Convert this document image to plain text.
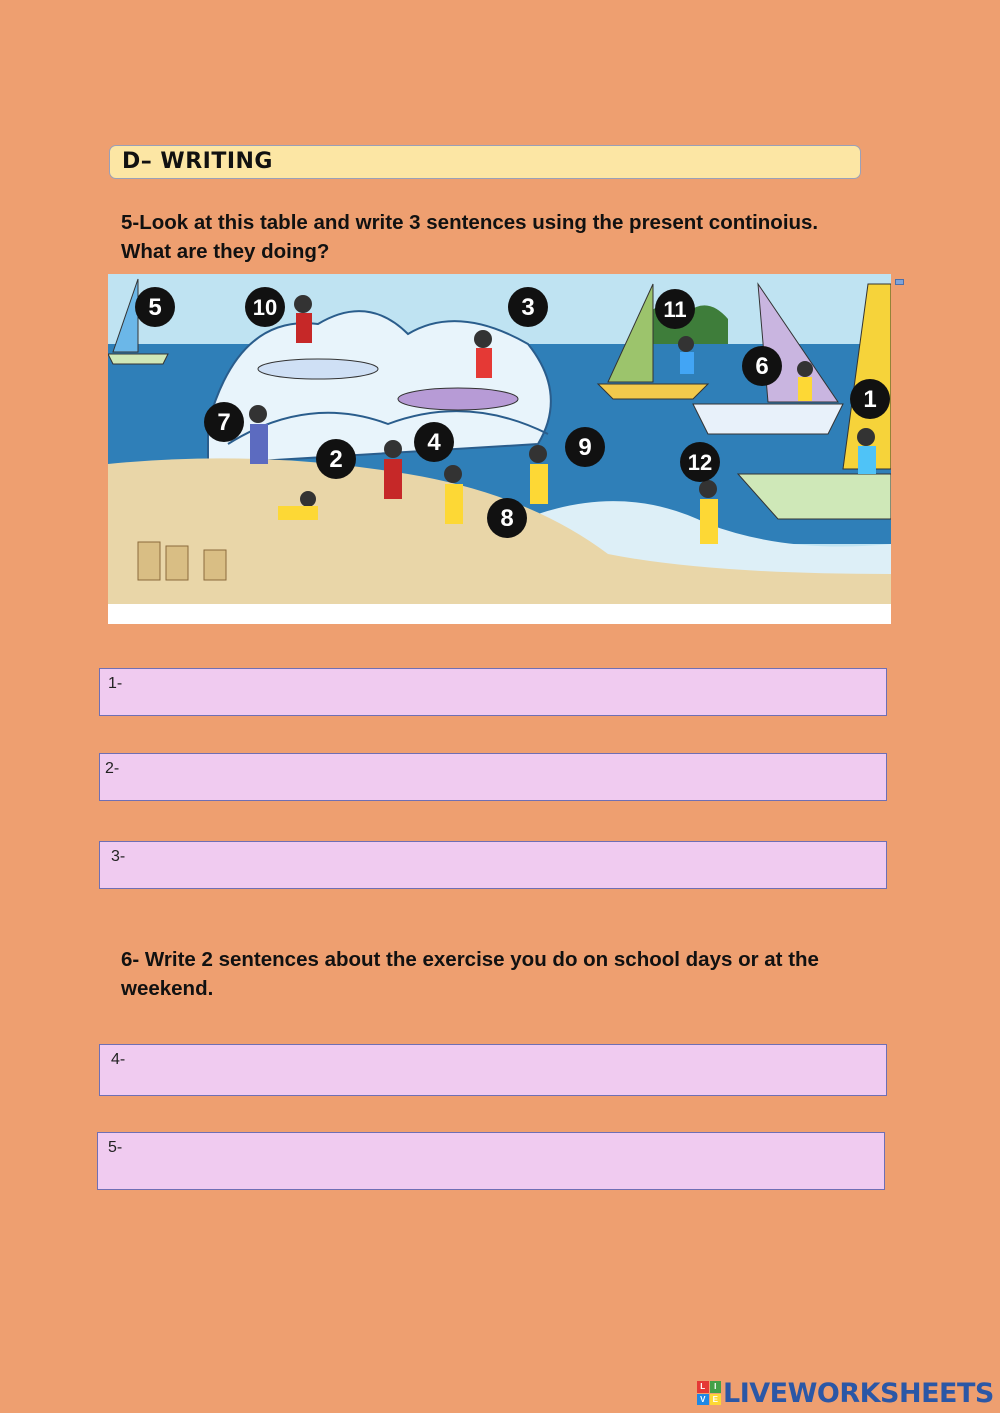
D– WRITING
5-Look at this table and write 3 sentences using the present continoius.
What are they doing?
5	10	3	11
6
1
7
2
4	9
12
8
1-
2-
3-
6- Write 2 sentences about the exercise you do on school days or at the
weekend.
4-
5-
L	I
V E LIVEWORKSHEETS
